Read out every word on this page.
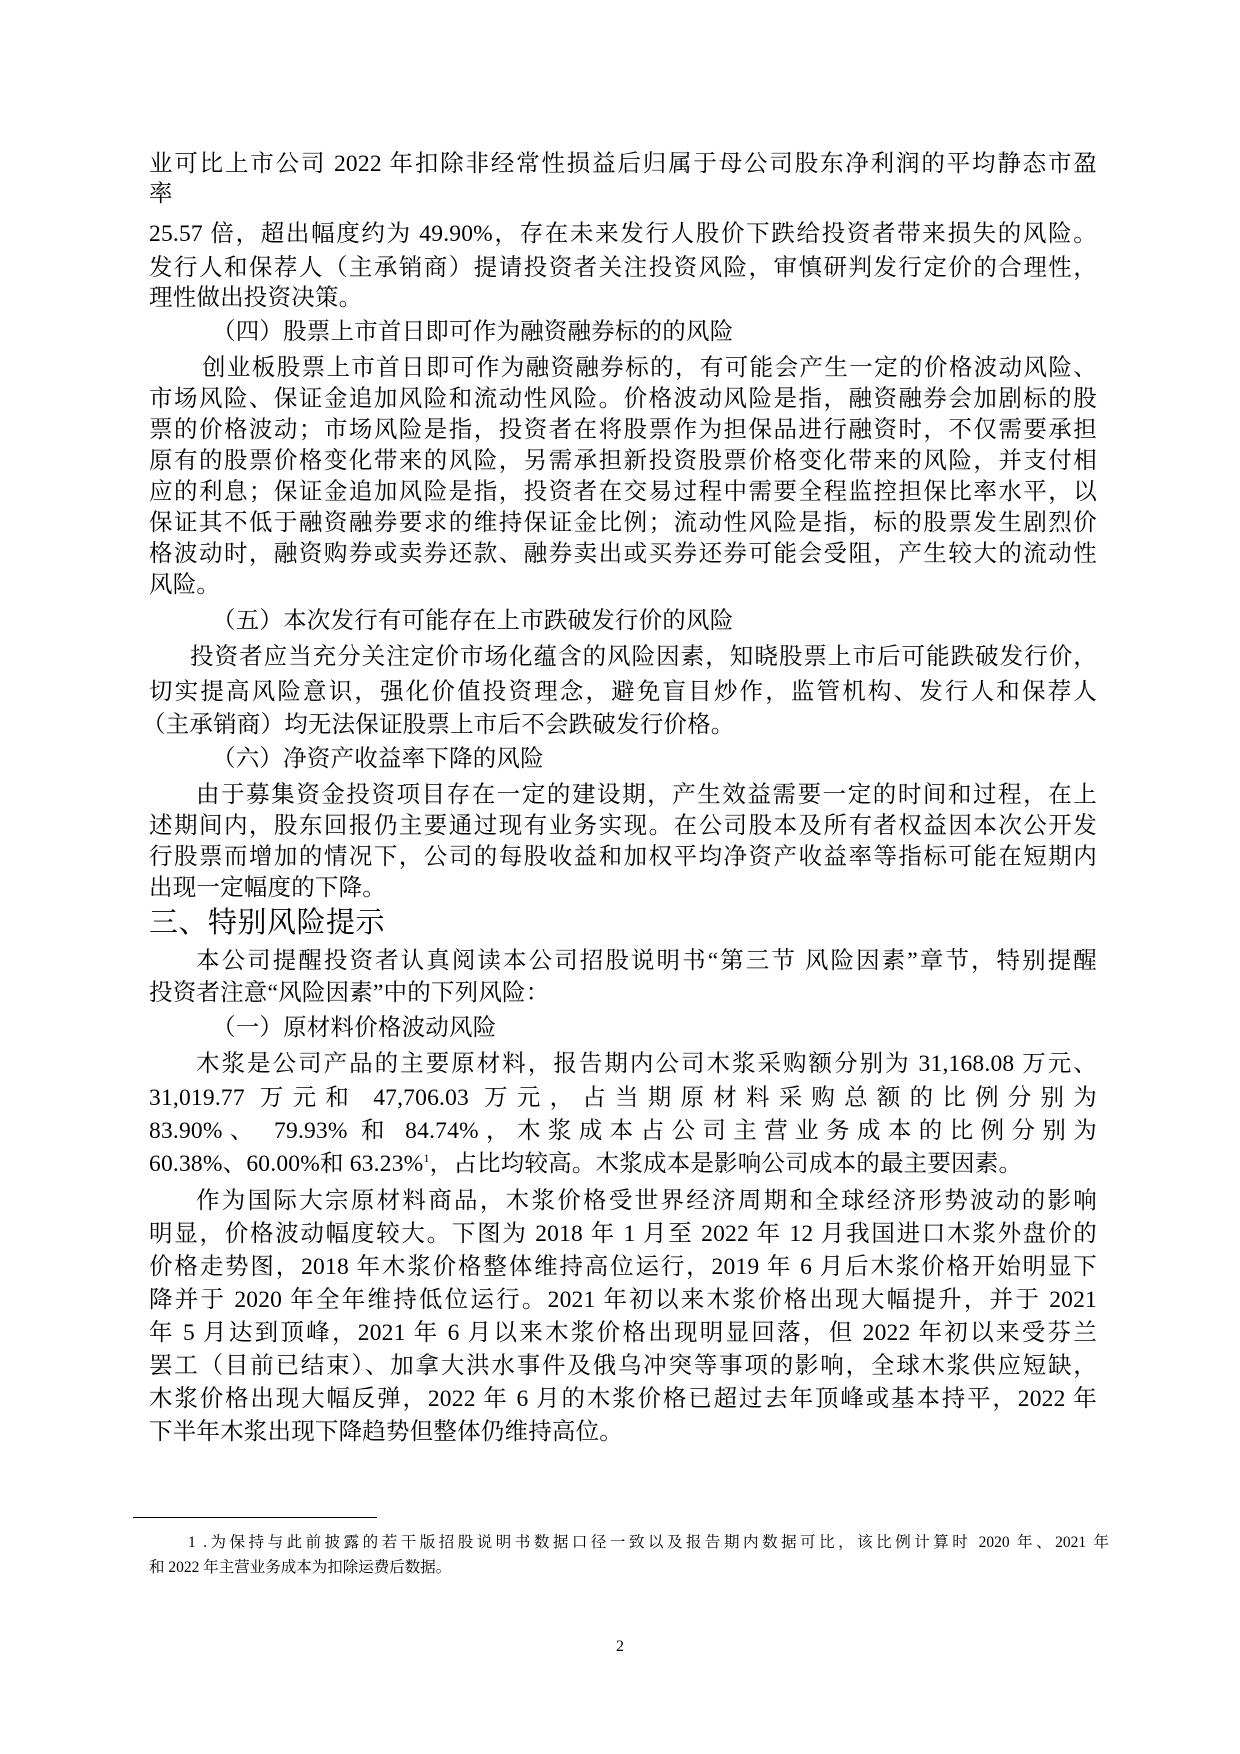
业可比上市公司 2022 年扣除非经常性损益后归属于母公司股东净利润的平均静态市盈
率
25.57 倍，超出幅度约为 49.90%，存在未来发行人股价下跌给投资者带来损失的风险。
发行人和保荐人（主承销商）提请投资者关注投资风险，审慎研判发行定价的合理性，
理性做出投资决策。
（四）股票上市首日即可作为融资融券标的的风险
创业板股票上市首日即可作为融资融券标的，有可能会产生一定的价格波动风险、
市场风险、保证金追加风险和流动性风险。价格波动风险是指，融资融券会加剧标的股
票的价格波动；市场风险是指，投资者在将股票作为担保品进行融资时，不仅需要承担
原有的股票价格变化带来的风险，另需承担新投资股票价格变化带来的风险，并支付相
应的利息；保证金追加风险是指，投资者在交易过程中需要全程监控担保比率水平，以
保证其不低于融资融券要求的维持保证金比例；流动性风险是指，标的股票发生剧烈价
格波动时，融资购券或卖券还款、融券卖出或买券还券可能会受阻，产生较大的流动性
风险。
（五）本次发行有可能存在上市跌破发行价的风险
投资者应当充分关注定价市场化蕴含的风险因素，知晓股票上市后可能跌破发行价，
切实提高风险意识，强化价值投资理念，避免盲目炒作，监管机构、发行人和保荐人
（主承销商）均无法保证股票上市后不会跌破发行价格。
（六）净资产收益率下降的风险
由于募集资金投资项目存在一定的建设期，产生效益需要一定的时间和过程，在上
述期间内，股东回报仍主要通过现有业务实现。在公司股本及所有者权益因本次公开发
行股票而增加的情况下，公司的每股收益和加权平均净资产收益率等指标可能在短期内
出现一定幅度的下降。
三、特别风险提示
本公司提醒投资者认真阅读本公司招股说明书“第三节 风险因素”章节，特别提醒
投资者注意“风险因素”中的下列风险：
（一）原材料价格波动风险
木浆是公司产品的主要原材料，报告期内公司木浆采购额分别为 31,168.08 万元、
31,019.77 万元和 47,706.03 万元，占当期原材料采购总额的比例分别为
83.90%、 79.93% 和 84.74%，木浆成本占公司主营业务成本的比例分别为
60.38%、60.00%和 63.23%$^1$，占比均较高。木浆成本是影响公司成本的最主要因素。
作为国际大宗原材料商品，木浆价格受世界经济周期和全球经济形势波动的影响
明显，价格波动幅度较大。下图为 2018 年 1 月至 2022 年 12 月我国进口木浆外盘价的
价格走势图，2018 年木浆价格整体维持高位运行，2019 年 6 月后木浆价格开始明显下
降并于 2020 年全年维持低位运行。2021 年初以来木浆价格出现大幅提升，并于 2021
年 5 月达到顶峰，2021 年 6 月以来木浆价格出现明显回落，但 2022 年初以来受芬兰
罢工（目前已结束）、加拿大洪水事件及俄乌冲突等事项的影响，全球木浆供应短缺，
木浆价格出现大幅反弹，2022 年 6 月的木浆价格已超过去年顶峰或基本持平，2022 年
下半年木浆出现下降趋势但整体仍维持高位。
1 .为保持与此前披露的若干版招股说明书数据口径一致以及报告期内数据可比，该比例计算时 2020 年、2021 年
和 2022 年主营业务成本为扣除运费后数据。
2
